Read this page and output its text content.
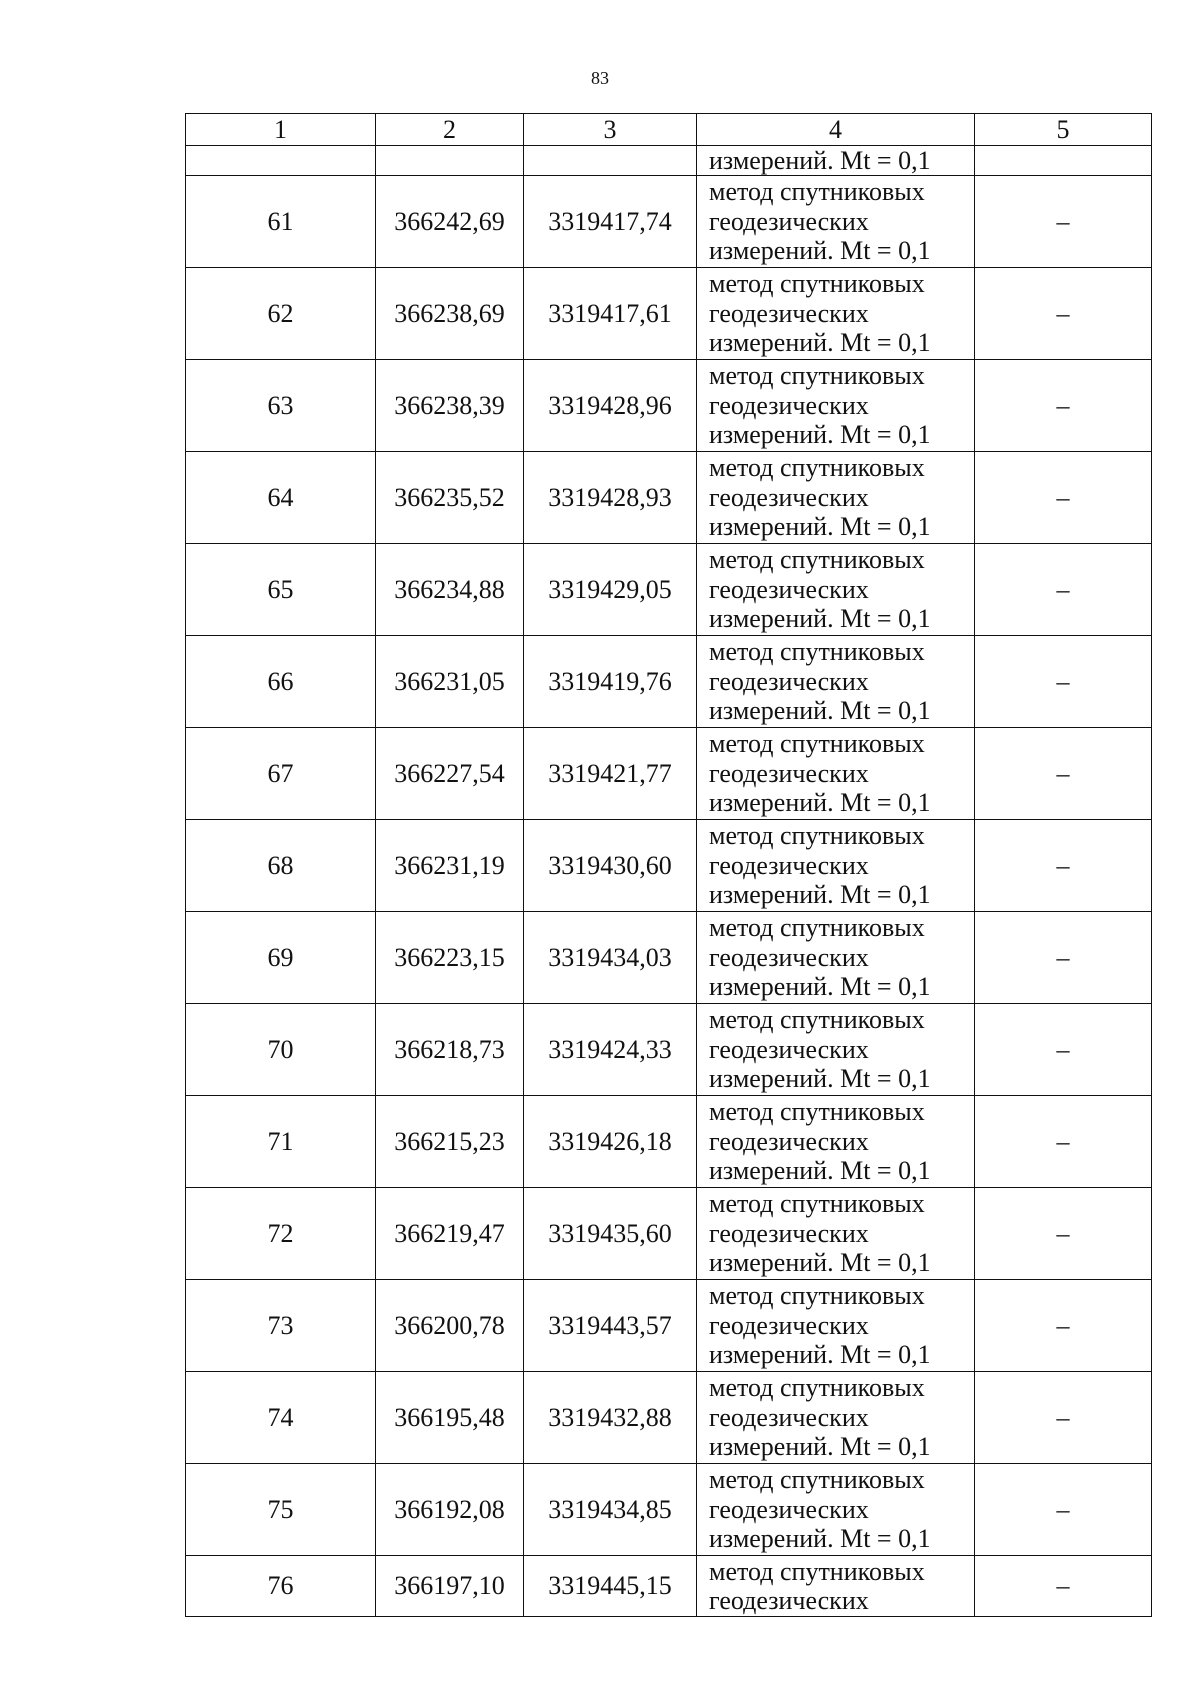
83
1	2	3	4	5
			измерений. Mt = 0,1	
61	366242,69	3319417,74	метод спутниковых
геодезических
измерений. Mt = 0,1	–
62	366238,69	3319417,61	метод спутниковых
геодезических
измерений. Mt = 0,1	–
63	366238,39	3319428,96	метод спутниковых
геодезических
измерений. Mt = 0,1	–
64	366235,52	3319428,93	метод спутниковых
геодезических
измерений. Mt = 0,1	–
65	366234,88	3319429,05	метод спутниковых
геодезических
измерений. Mt = 0,1	–
66	366231,05	3319419,76	метод спутниковых
геодезических
измерений. Mt = 0,1	–
67	366227,54	3319421,77	метод спутниковых
геодезических
измерений. Mt = 0,1	–
68	366231,19	3319430,60	метод спутниковых
геодезических
измерений. Mt = 0,1	–
69	366223,15	3319434,03	метод спутниковых
геодезических
измерений. Mt = 0,1	–
70	366218,73	3319424,33	метод спутниковых
геодезических
измерений. Mt = 0,1	–
71	366215,23	3319426,18	метод спутниковых
геодезических
измерений. Mt = 0,1	–
72	366219,47	3319435,60	метод спутниковых
геодезических
измерений. Mt = 0,1	–
73	366200,78	3319443,57	метод спутниковых
геодезических
измерений. Mt = 0,1	–
74	366195,48	3319432,88	метод спутниковых
геодезических
измерений. Mt = 0,1	–
75	366192,08	3319434,85	метод спутниковых
геодезических
измерений. Mt = 0,1	–
76	366197,10	3319445,15	метод спутниковых
геодезических	–
